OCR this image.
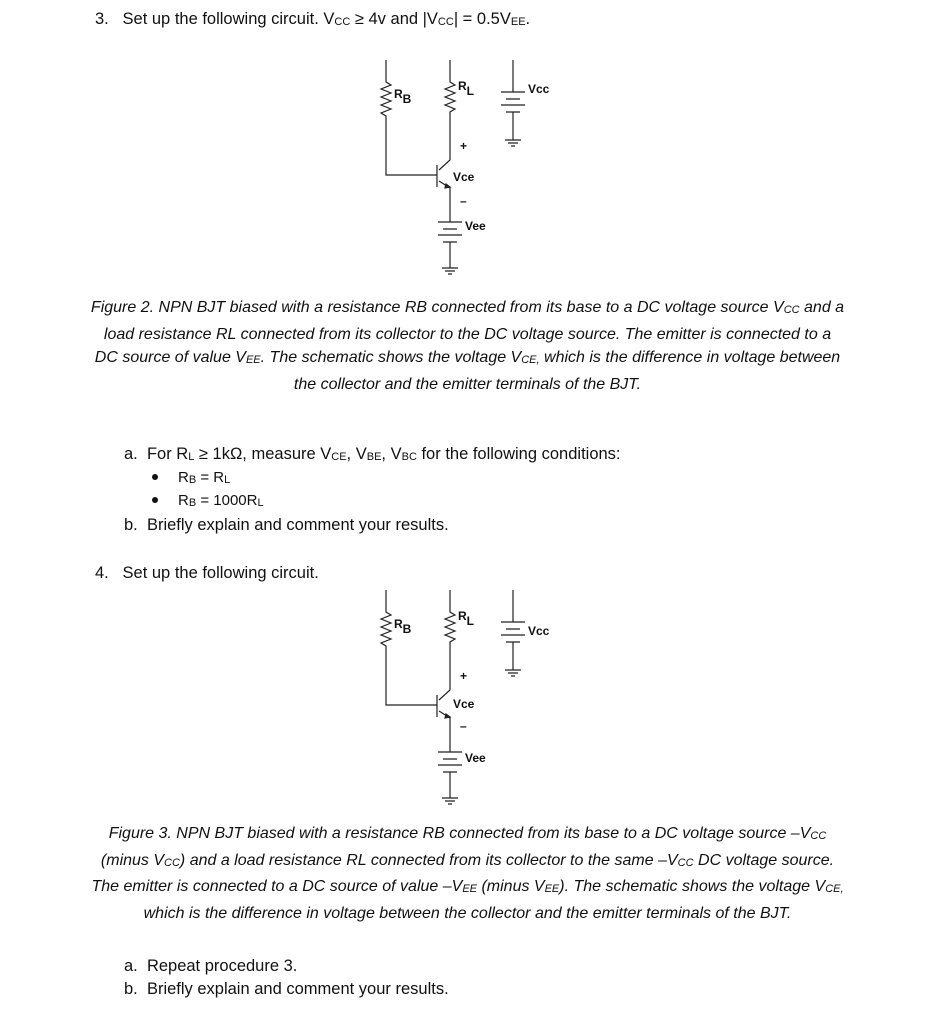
3. Set up the following circuit. VCC ≥ 4v and |VCC| = 0.5VEE.
RB
RL	Vcc
+
Vce
–
Vee
RB
RL
Vcc
+
Vce
–
Vee
Figure 2. NPN BJT biased with a resistance RB connected from its base to a DC voltage source VCC and a
load resistance RL connected from its collector to the DC voltage source. The emitter is connected to a
DC source of value VEE. The schematic shows the voltage VCE, which is the difference in voltage between
the collector and the emitter terminals of the BJT.
a. For RL ≥ 1kΩ, measure VCE, VBE, VBC for the following conditions:
RB = RL
RB = 1000RL
b. Briefly explain and comment your results.
4. Set up the following circuit.
Figure 3. NPN BJT biased with a resistance RB connected from its base to a DC voltage source –VCC
(minus VCC) and a load resistance RL connected from its collector to the same –VCC DC voltage source.
The emitter is connected to a DC source of value –VEE (minus VEE). The schematic shows the voltage VCE,
which is the difference in voltage between the collector and the emitter terminals of the BJT.
a. Repeat procedure 3.
b. Briefly explain and comment your results.
